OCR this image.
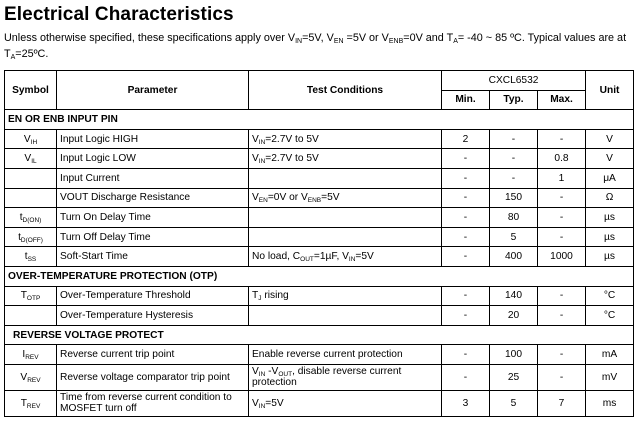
Electrical Characteristics
Unless otherwise specified, these specifications apply over $V_{IN}=5V$, $V_{EN} =5V$ or $V_{ENB}=0V$ and $T_A= -40$ ~ 85 ºC. Typical values are at $T_A=25ºC$.
Symbol	Parameter	Test Conditions	CXCL6532			Unit
			Min.	Typ.	Max.	
EN OR ENB INPUT PIN						
$V_{IH}$	Input Logic HIGH	$V_{IN}=2.7V$ to 5V	2	-	-	V
$V_{IL}$	Input Logic LOW	$V_{IN}=2.7V$ to 5V	-	-	0.8	V
	Input Current		-	-	1	μA
	VOUT Discharge Resistance	$V_{EN}=0V$ or $V_{ENB}=5V$	-	150	-	Ω
$t_{D(ON)}$	Turn On Delay Time		-	80	-	µs
$t_{D(OFF)}$	Turn Off Delay Time		-	5	-	µs
$t_{SS}$	Soft-Start Time	No load, $C_{OUT}=1\mu F$, $V_{IN}=5V$	-	400	1000	µs
OVER-TEMPERATURE PROTECTION (OTP)						
$T_{OTP}$	Over-Temperature Threshold	$T_J$ rising	-	140	-	°C
	Over-Temperature Hysteresis		-	20	-	°C
REVERSE VOLTAGE PROTECT						
$I_{REV}$	Reverse current trip point	Enable reverse current protection	-	100	-	mA
$V_{REV}$	Reverse voltage comparator trip point	$V_{IN}$ $-V_{OUT}$, disable reverse current protection	-	25	-	mV
$T_{REV}$	Time from reverse current condition to MOSFET turn off	$V_{IN}=5V$	3	5	7	ms
